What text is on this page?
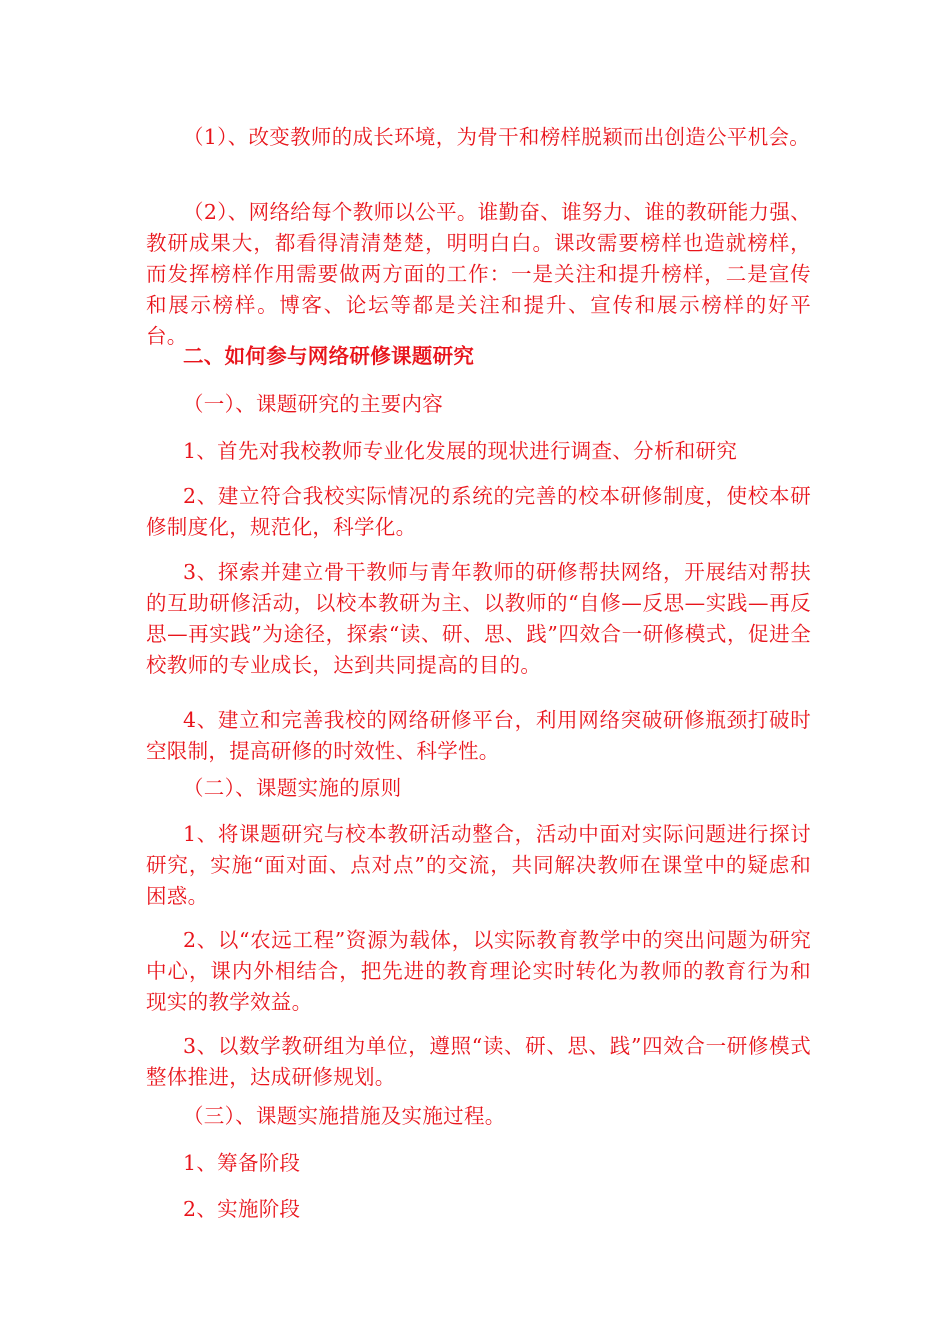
（1）、改变教师的成长环境，为骨干和榜样脱颖而出创造公平机会。

（2）、网络给每个教师以公平。谁勤奋、谁努力、谁的教研能力强、教研成果大，都看得清清楚楚，明明白白。课改需要榜样也造就榜样，而发挥榜样作用需要做两方面的工作：一是关注和提升榜样，二是宣传和展示榜样。博客、论坛等都是关注和提升、宣传和展示榜样的好平台。

二、如何参与网络研修课题研究

（一）、课题研究的主要内容

1、首先对我校教师专业化发展的现状进行调查、分析和研究

2、建立符合我校实际情况的系统的完善的校本研修制度，使校本研修制度化，规范化，科学化。

3、探索并建立骨干教师与青年教师的研修帮扶网络，开展结对帮扶的互助研修活动，以校本教研为主、以教师的“自修—反思—实践—再反思—再实践”为途径，探索“读、研、思、践”四效合一研修模式，促进全校教师的专业成长，达到共同提高的目的。

4、建立和完善我校的网络研修平台，利用网络突破研修瓶颈打破时空限制，提高研修的时效性、科学性。

（二）、课题实施的原则

1、将课题研究与校本教研活动整合，活动中面对实际问题进行探讨研究，实施“面对面、点对点”的交流，共同解决教师在课堂中的疑虑和困惑。

2、以“农远工程”资源为载体，以实际教育教学中的突出问题为研究中心，课内外相结合，把先进的教育理论实时转化为教师的教育行为和现实的教学效益。

3、以数学教研组为单位，遵照“读、研、思、践”四效合一研修模式整体推进，达成研修规划。

（三）、课题实施措施及实施过程。

1、筹备阶段

2、实施阶段
